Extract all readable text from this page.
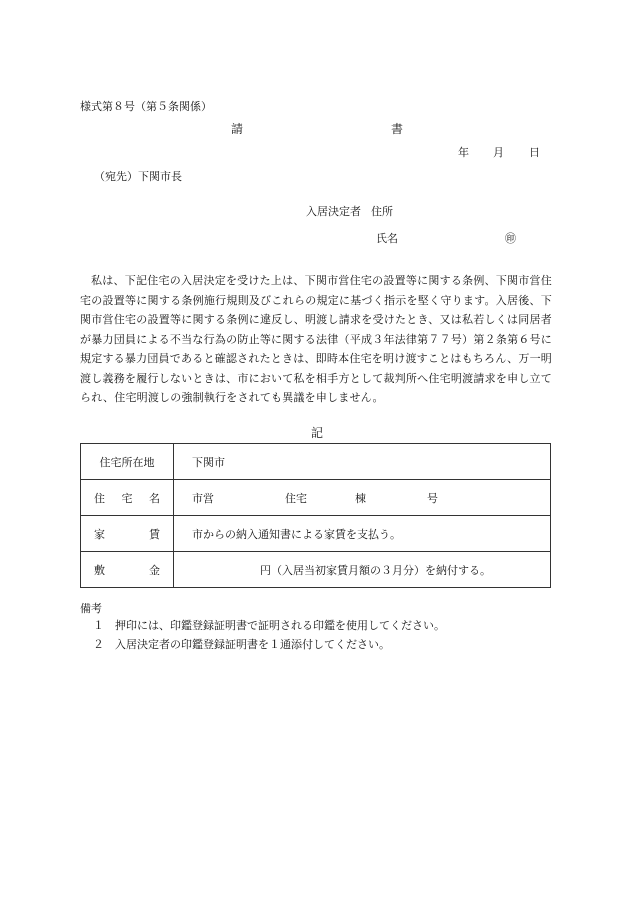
様式第８号（第５条関係）
請	書
年 月 日
（宛先）下関市長
入居決定者 住所
氏名	㊞

私は、下記住宅の入居決定を受けた上は、下関市営住宅の設置等に関する条例、下関市営住宅の設置等に関する条例施行規則及びこれらの規定に基づく指示を堅く守ります。入居後、下関市営住宅の設置等に関する条例に違反し、明渡し請求を受けたとき、又は私若しくは同居者が暴力団員による不当な行為の防止等に関する法律（平成３年法律第７７号）第２条第６号に規定する暴力団員であると確認されたときは、即時本住宅を明け渡すことはもちろん、万一明渡し義務を履行しないときは、市において私を相手方として裁判所へ住宅明渡請求を申し立てられ、住宅明渡しの強制執行をされても異議を申しません。

記
住宅所在地	下関市

住 宅 名	市営 住宅 棟 号

家 賃	市からの納入通知書による家賃を支払う。

敷 金	円（入居当初家賃月額の３月分）を納付する。
備考
１ 押印には、印鑑登録証明書で証明される印鑑を使用してください。
２ 入居決定者の印鑑登録証明書を１通添付してください。
